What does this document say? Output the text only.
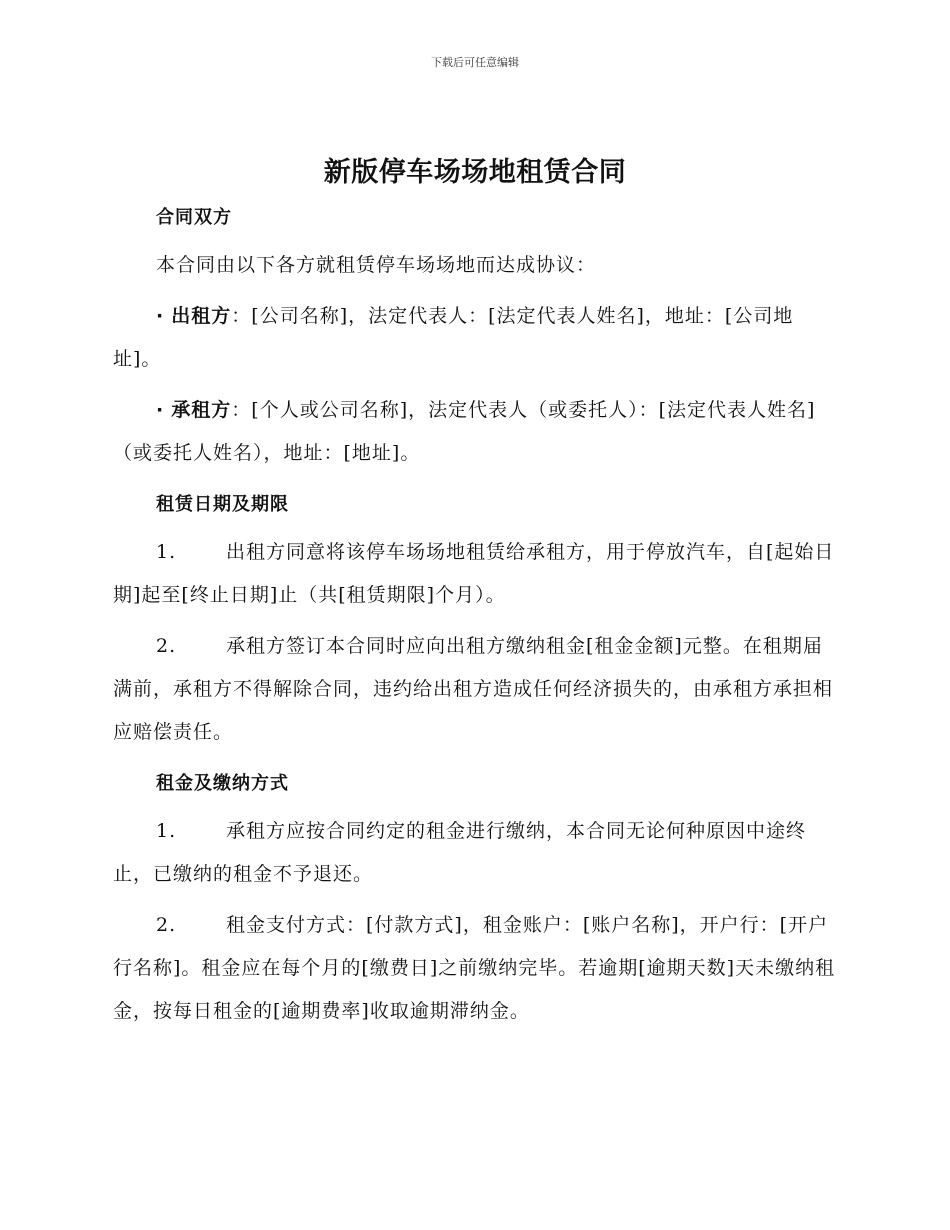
下载后可任意编辑
新版停车场场地租赁合同
合同双方

本合同由以下各方就租赁停车场场地而达成协议：

· 出租方：[公司名称]，法定代表人：[法定代表人姓名]，地址：[公司地址]。

· 承租方：[个人或公司名称]，法定代表人（或委托人）：[法定代表人姓名]（或委托人姓名），地址：[地址]。

租赁日期及期限

1.	出租方同意将该停车场场地租赁给承租方，用于停放汽车，自[起始日期]起至[终止日期]止（共[租赁期限]个月）。

2.	承租方签订本合同时应向出租方缴纳租金[租金金额]元整。在租期届满前，承租方不得解除合同，违约给出租方造成任何经济损失的，由承租方承担相应赔偿责任。

租金及缴纳方式

1.	承租方应按合同约定的租金进行缴纳，本合同无论何种原因中途终止，已缴纳的租金不予退还。

2.	租金支付方式：[付款方式]，租金账户：[账户名称]，开户行：[开户行名称]。租金应在每个月的[缴费日]之前缴纳完毕。若逾期[逾期天数]天未缴纳租金，按每日租金的[逾期费率]收取逾期滞纳金。
